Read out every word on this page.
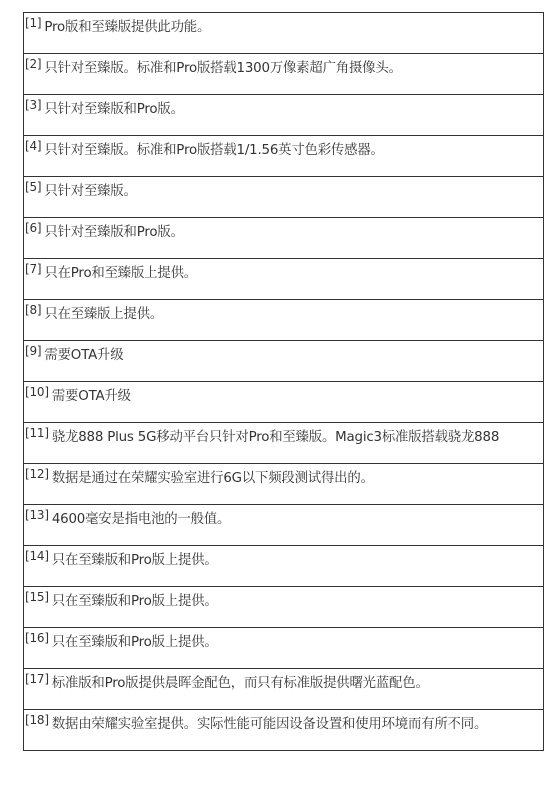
[1] Pro版和至臻版提供此功能。

[2] 只针对至臻版。标准和Pro版搭载1300万像素超广角摄像头。

[3] 只针对至臻版和Pro版。

[4] 只针对至臻版。标准和Pro版搭载1/1.56英寸色彩传感器。

[5] 只针对至臻版。

[6] 只针对至臻版和Pro版。

[7] 只在Pro和至臻版上提供。

[8] 只在至臻版上提供。

[9] 需要OTA升级

[10] 需要OTA升级

[11] 骁龙888 Plus 5G移动平台只针对Pro和至臻版。Magic3标准版搭载骁龙888

[12] 数据是通过在荣耀实验室进行6G以下频段测试得出的。

[13] 4600毫安是指电池的一般值。

[14] 只在至臻版和Pro版上提供。

[15] 只在至臻版和Pro版上提供。

[16] 只在至臻版和Pro版上提供。

[17] 标准版和Pro版提供晨晖金配色，而只有标准版提供曙光蓝配色。

[18] 数据由荣耀实验室提供。实际性能可能因设备设置和使用环境而有所不同。
